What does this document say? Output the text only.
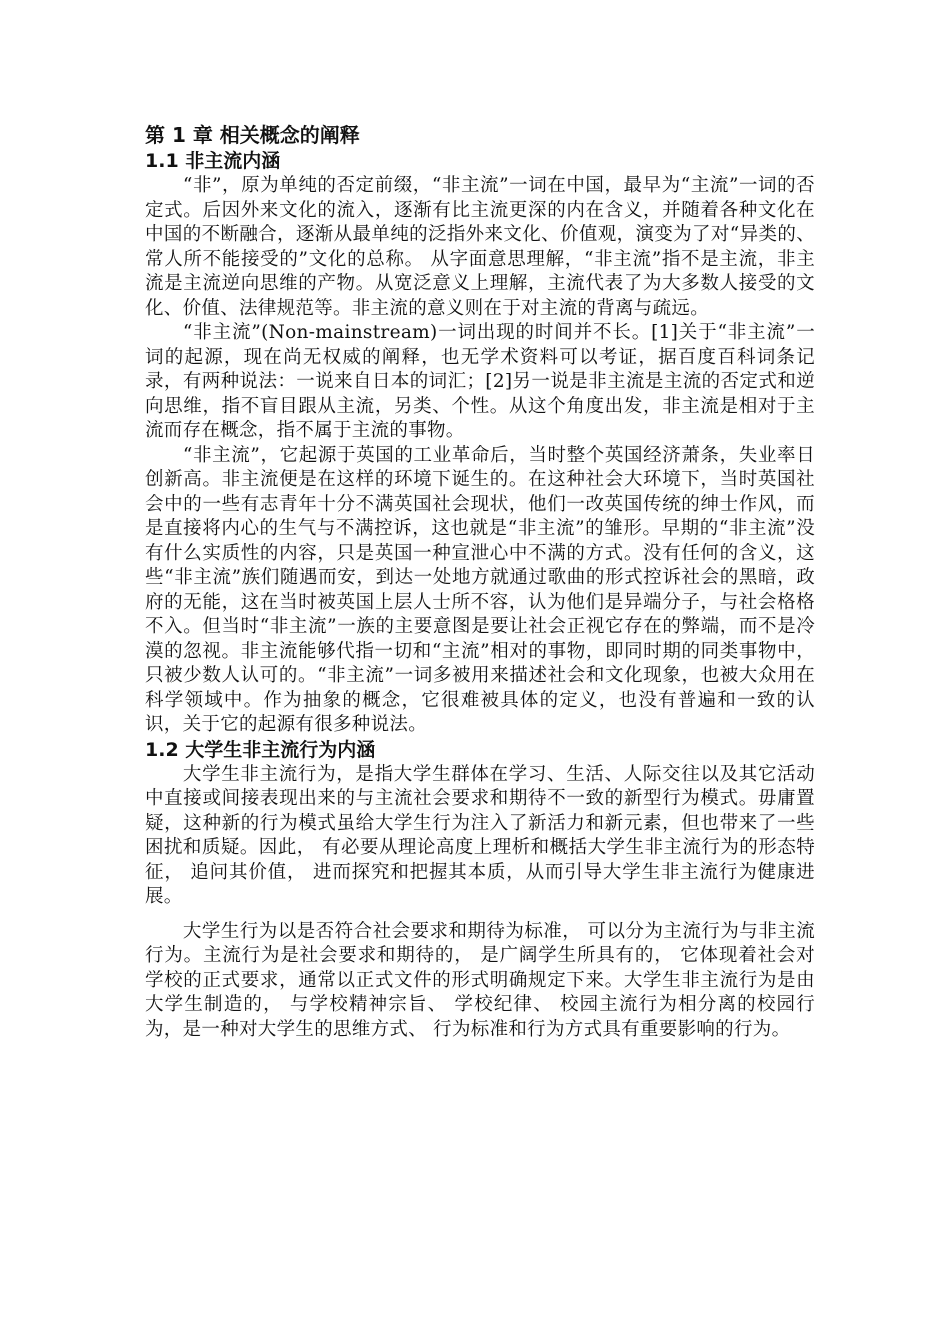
第 1 章 相关概念的阐释
1.1 非主流内涵

“非”，原为单纯的否定前缀，“非主流”一词在中国，最早为“主流”一词的否定式。后因外来文化的流入，逐渐有比主流更深的内在含义，并随着各种文化在中国的不断融合，逐渐从最单纯的泛指外来文化、价值观，演变为了对“异类的、常人所不能接受的”文化的总称。 从字面意思理解，“非主流”指不是主流，非主流是主流逆向思维的产物。从宽泛意义上理解，主流代表了为大多数人接受的文化、价值、法律规范等。非主流的意义则在于对主流的背离与疏远。

“非主流”(Non-mainstream)一词出现的时间并不长。[1]关于“非主流”一词的起源，现在尚无权威的阐释，也无学术资料可以考证，据百度百科词条记录，有两种说法：一说来自日本的词汇；[2]另一说是非主流是主流的否定式和逆向思维，指不盲目跟从主流，另类、个性。从这个角度出发，非主流是相对于主流而存在概念，指不属于主流的事物。

“非主流”，它起源于英国的工业革命后，当时整个英国经济萧条，失业率日创新高。非主流便是在这样的环境下诞生的。在这种社会大环境下，当时英国社会中的一些有志青年十分不满英国社会现状，他们一改英国传统的绅士作风，而是直接将内心的生气与不满控诉，这也就是“非主流”的雏形。早期的“非主流”没有什么实质性的内容，只是英国一种宣泄心中不满的方式。没有任何的含义，这些“非主流”族们随遇而安，到达一处地方就通过歌曲的形式控诉社会的黑暗，政府的无能，这在当时被英国上层人士所不容，认为他们是异端分子，与社会格格不入。但当时“非主流”一族的主要意图是要让社会正视它存在的弊端，而不是冷漠的忽视。非主流能够代指一切和“主流”相对的事物，即同时期的同类事物中，只被少数人认可的。“非主流”一词多被用来描述社会和文化现象，也被大众用在科学领域中。作为抽象的概念，它很难被具体的定义，也没有普遍和一致的认识，关于它的起源有很多种说法。

1.2 大学生非主流行为内涵

大学生非主流行为，是指大学生群体在学习、生活、人际交往以及其它活动中直接或间接表现出来的与主流社会要求和期待不一致的新型行为模式。毋庸置疑，这种新的行为模式虽给大学生行为注入了新活力和新元素，但也带来了一些困扰和质疑。因此， 有必要从理论高度上理析和概括大学生非主流行为的形态特征， 追问其价值， 进而探究和把握其本质，从而引导大学生非主流行为健康进展。

大学生行为以是否符合社会要求和期待为标准， 可以分为主流行为与非主流行为。主流行为是社会要求和期待的， 是广阔学生所具有的， 它体现着社会对学校的正式要求，通常以正式文件的形式明确规定下来。大学生非主流行为是由大学生制造的， 与学校精神宗旨、 学校纪律、 校园主流行为相分离的校园行为，是一种对大学生的思维方式、 行为标准和行为方式具有重要影响的行为。
